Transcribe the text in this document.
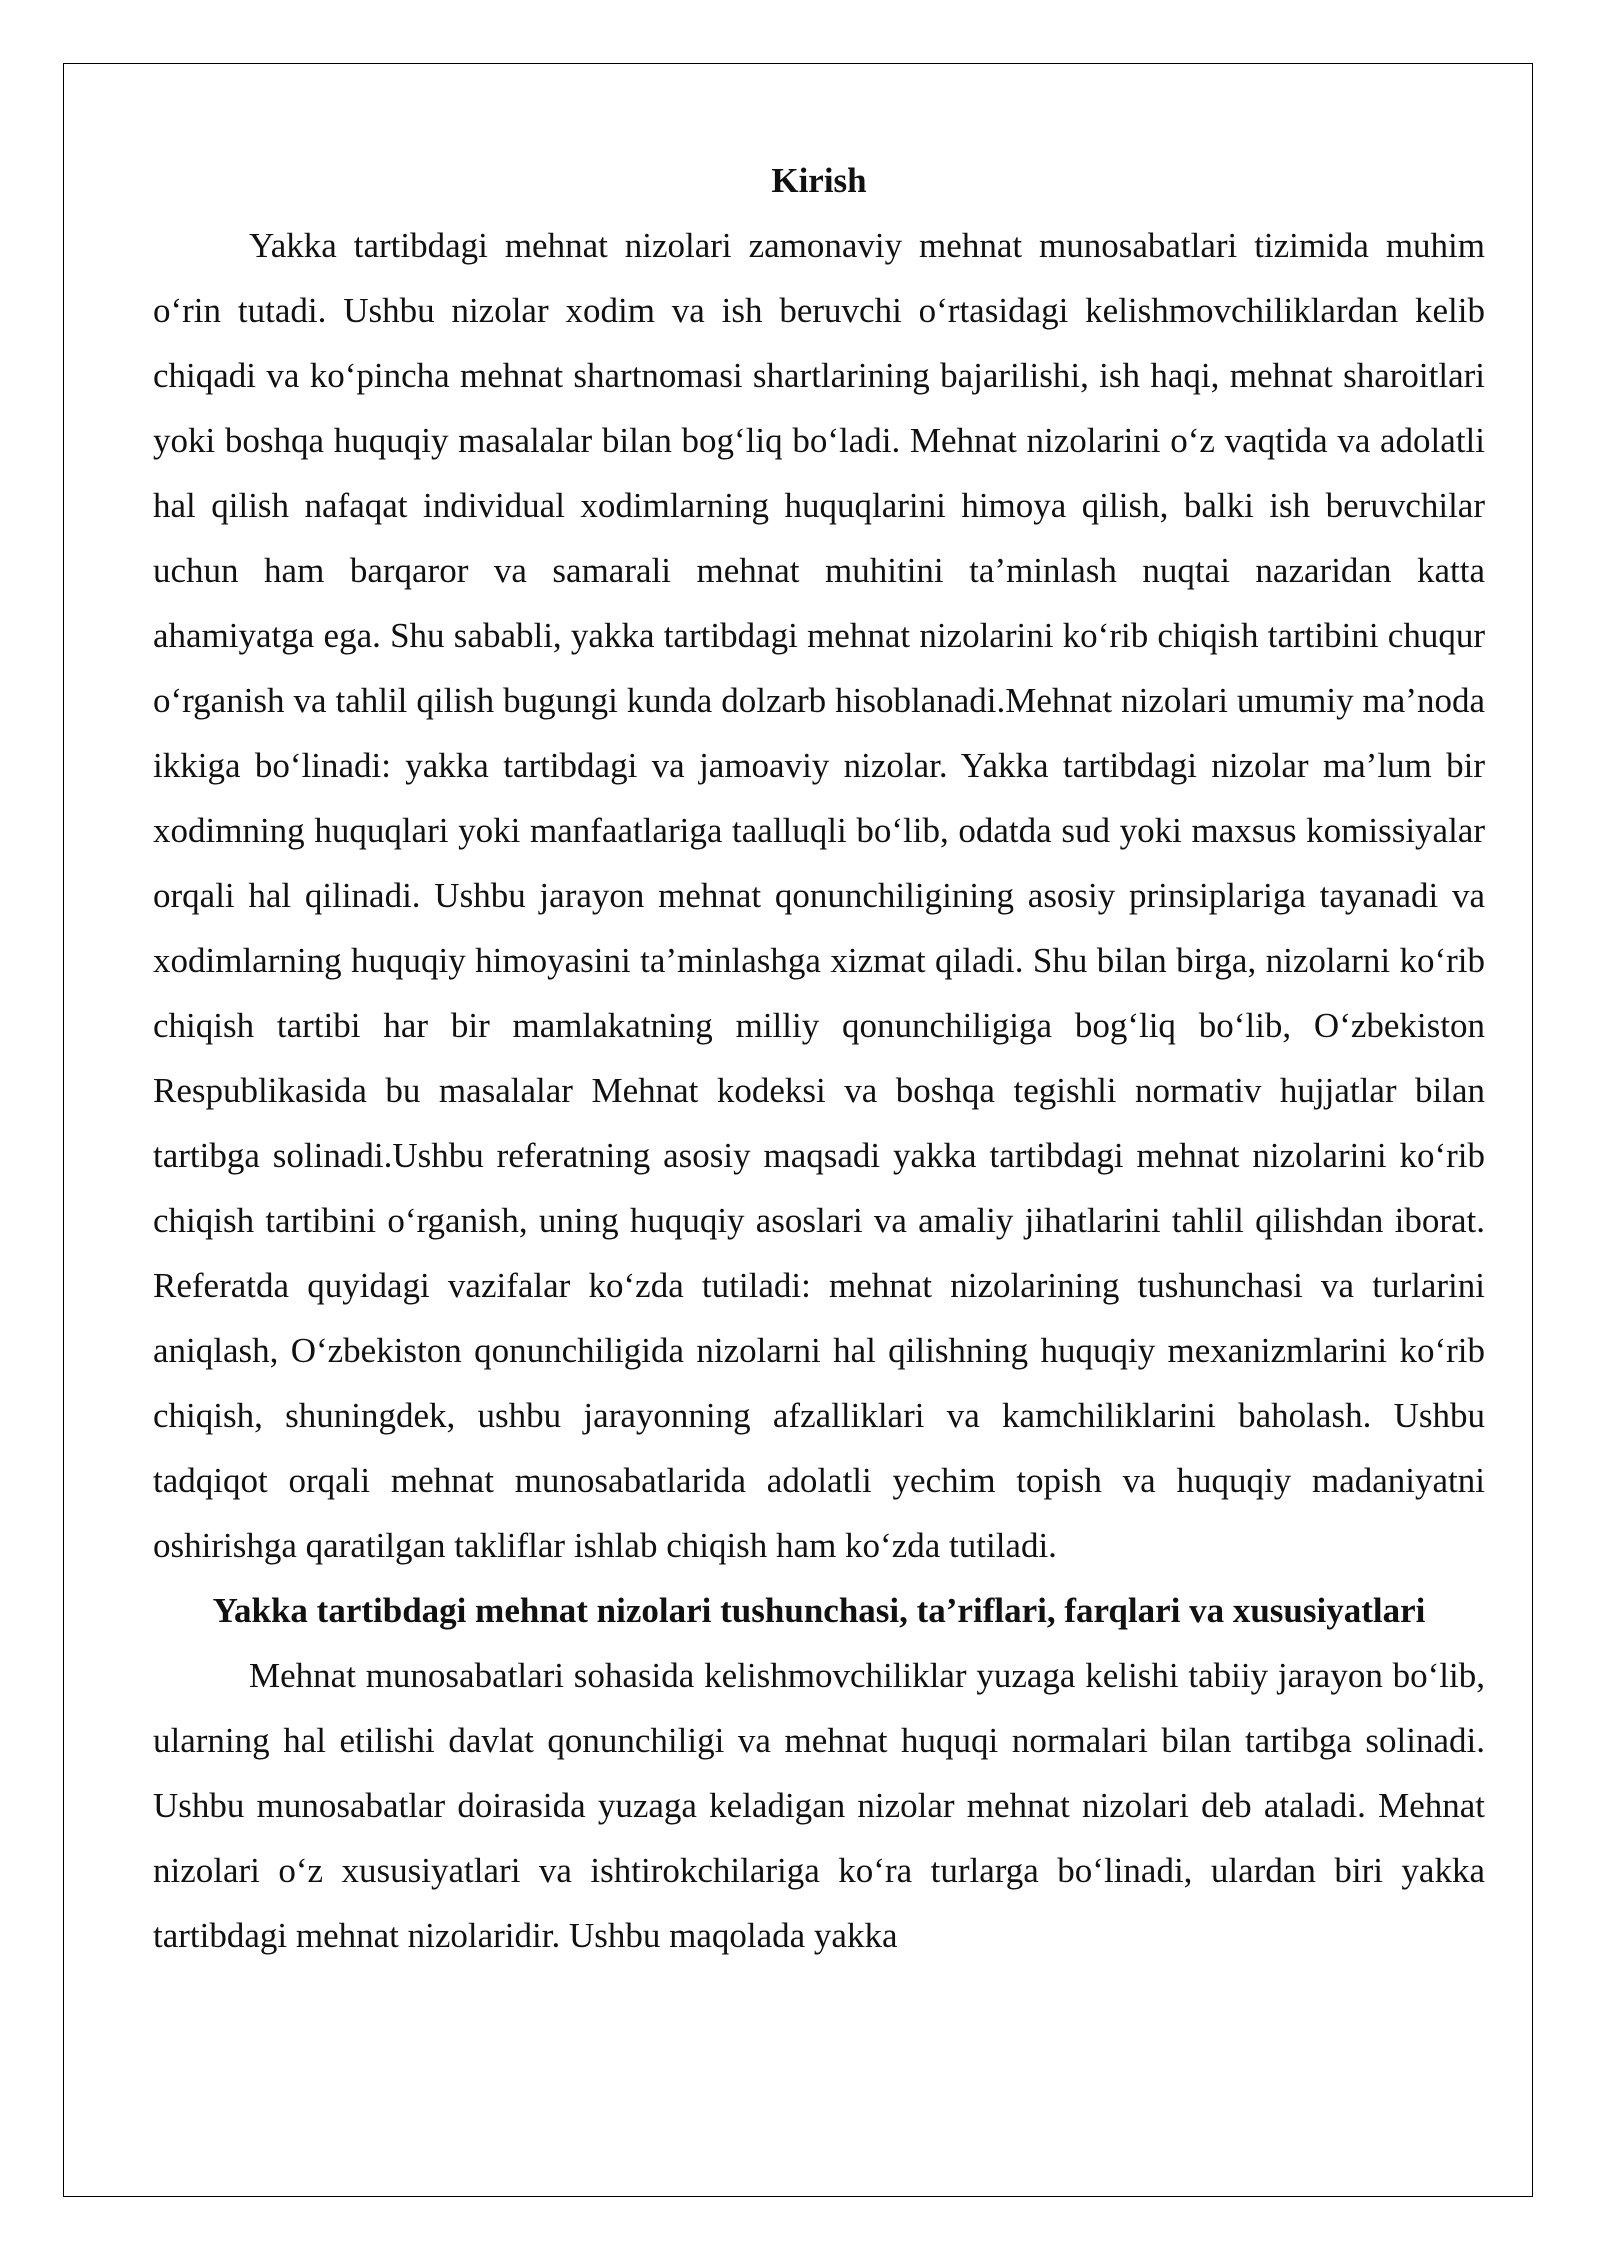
Kirish

Yakka tartibdagi mehnat nizolari zamonaviy mehnat munosabatlari tizimida muhim o‘rin tutadi. Ushbu nizolar xodim va ish beruvchi o‘rtasidagi kelishmovchiliklardan kelib chiqadi va ko‘pincha mehnat shartnomasi shartlarining bajarilishi, ish haqi, mehnat sharoitlari yoki boshqa huquqiy masalalar bilan bog‘liq bo‘ladi. Mehnat nizolarini o‘z vaqtida va adolatli hal qilish nafaqat individual xodimlarning huquqlarini himoya qilish, balki ish beruvchilar uchun ham barqaror va samarali mehnat muhitini ta’minlash nuqtai nazaridan katta ahamiyatga ega. Shu sababli, yakka tartibdagi mehnat nizolarini ko‘rib chiqish tartibini chuqur o‘rganish va tahlil qilish bugungi kunda dolzarb hisoblanadi.Mehnat nizolari umumiy ma’noda ikkiga bo‘linadi: yakka tartibdagi va jamoaviy nizolar. Yakka tartibdagi nizolar ma’lum bir xodimning huquqlari yoki manfaatlariga taalluqli bo‘lib, odatda sud yoki maxsus komissiyalar orqali hal qilinadi. Ushbu jarayon mehnat qonunchiligining asosiy prinsiplariga tayanadi va xodimlarning huquqiy himoyasini ta’minlashga xizmat qiladi. Shu bilan birga, nizolarni ko‘rib chiqish tartibi har bir mamlakatning milliy qonunchiligiga bog‘liq bo‘lib, O‘zbekiston Respublikasida bu masalalar Mehnat kodeksi va boshqa tegishli normativ hujjatlar bilan tartibga solinadi.Ushbu referatning asosiy maqsadi yakka tartibdagi mehnat nizolarini ko‘rib chiqish tartibini o‘rganish, uning huquqiy asoslari va amaliy jihatlarini tahlil qilishdan iborat. Referatda quyidagi vazifalar ko‘zda tutiladi: mehnat nizolarining tushunchasi va turlarini aniqlash, O‘zbekiston qonunchiligida nizolarni hal qilishning huquqiy mexanizmlarini ko‘rib chiqish, shuningdek, ushbu jarayonning afzalliklari va kamchiliklarini baholash. Ushbu tadqiqot orqali mehnat munosabatlarida adolatli yechim topish va huquqiy madaniyatni oshirishga qaratilgan takliflar ishlab chiqish ham ko‘zda tutiladi.

Yakka tartibdagi mehnat nizolari tushunchasi, ta’riflari, farqlari va xususiyatlari

Mehnat munosabatlari sohasida kelishmovchiliklar yuzaga kelishi tabiiy jarayon bo‘lib, ularning hal etilishi davlat qonunchiligi va mehnat huquqi normalari bilan tartibga solinadi. Ushbu munosabatlar doirasida yuzaga keladigan nizolar mehnat nizolari deb ataladi. Mehnat nizolari o‘z xususiyatlari va ishtirokchilariga ko‘ra turlarga bo‘linadi, ulardan biri yakka tartibdagi mehnat nizolaridir. Ushbu maqolada yakka
